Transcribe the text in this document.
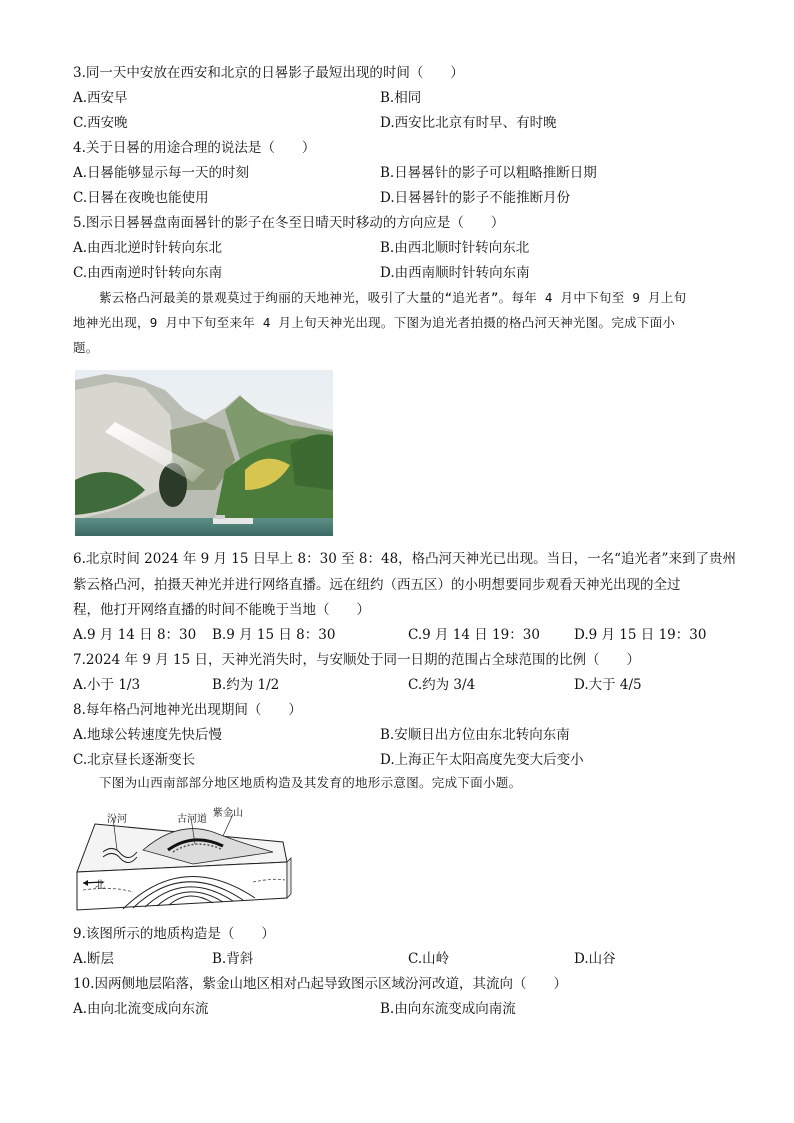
3.同一天中安放在西安和北京的日晷影子最短出现的时间（　　）
A.西安早	B.相同
C.西安晚	D.西安比北京有时早、有时晚
4.关于日晷的用途合理的说法是（　　）
A.日晷能够显示每一天的时刻	B.日晷晷针的影子可以粗略推断日期
C.日晷在夜晚也能使用	D.日晷晷针的影子不能推断月份
5.图示日晷晷盘南面晷针的影子在冬至日晴天时移动的方向应是（　　）
A.由西北逆时针转向东北	B.由西北顺时针转向东北
C.由西南逆时针转向东南	D.由西南顺时针转向东南
紫云格凸河最美的景观莫过于绚丽的天地神光，吸引了大量的“追光者”。每年 4 月中下旬至 9 月上旬
地神光出现，9 月中下旬至来年 4 月上旬天神光出现。下图为追光者拍摄的格凸河天神光图。完成下面小
题。
6.北京时间 2024 年 9 月 15 日早上 8：30 至 8：48，格凸河天神光已出现。当日，一名“追光者”来到了贵州
紫云格凸河，拍摄天神光并进行网络直播。远在纽约（西五区）的小明想要同步观看天神光出现的全过
程，他打开网络直播的时间不能晚于当地（　　）
A.9 月 14 日 8：30 B.9 月 15 日 8：30	C.9 月 14 日 19：30	D.9 月 15 日 19：30
7.2024 年 9 月 15 日，天神光消失时，与安顺处于同一日期的范围占全球范围的比例（　　）
A.小于 1/3	B.约为 1/2	C.约为 3/4	D.大于 4/5
8.每年格凸河地神光出现期间（　　）
A.地球公转速度先快后慢	B.安顺日出方位由东北转向东南
C.北京昼长逐渐变长	D.上海正午太阳高度先变大后变小
下图为山西南部部分地区地质构造及其发育的地形示意图。完成下面小题。
汾河	古河道
紫金山
北
9.该图所示的地质构造是（　　）
A.断层	B.背斜	C.山岭	D.山谷
10.因两侧地层陷落，紫金山地区相对凸起导致图示区域汾河改道，其流向（　　）
A.由向北流变成向东流	B.由向东流变成向南流
